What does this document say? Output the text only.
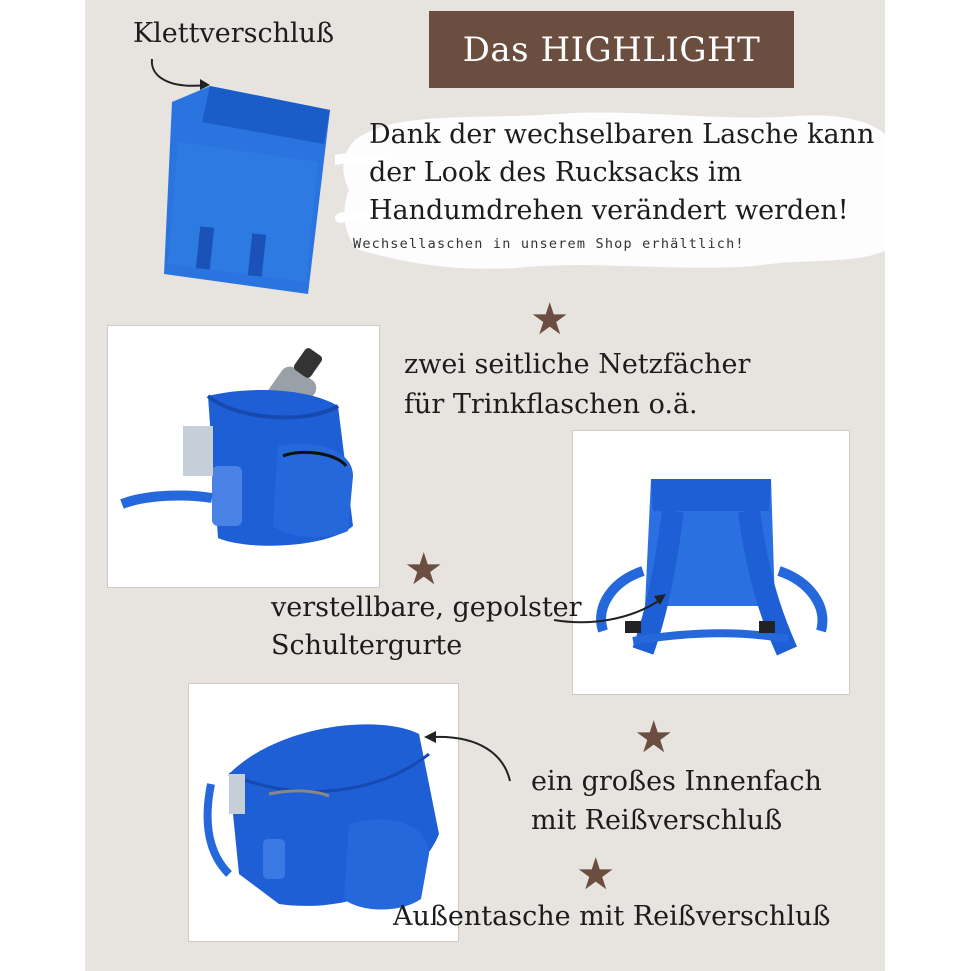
Das HIGHLIGHT
Klettverschluß
Dank der wechselbaren Lasche kann
der Look des Rucksacks im
Handumdrehen verändert werden!
Wechsellaschen in unserem Shop erhältlich!
★
zwei seitliche Netzfächer
für Trinkflaschen o.ä.
★
verstellbare, gepolster
Schultergurte
★
ein großes Innenfach
mit Reißverschluß
★
Außentasche mit Reißverschluß
